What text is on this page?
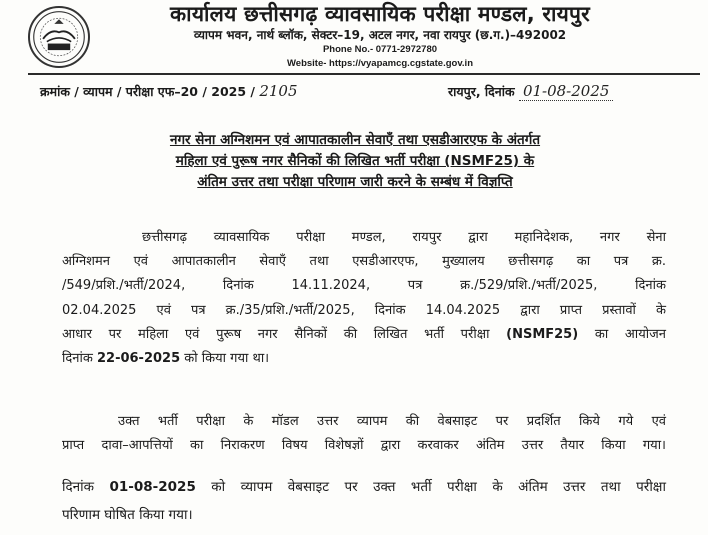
कार्यालय छत्तीसगढ़ व्यावसायिक परीक्षा मण्डल, रायपुर
व्यापम भवन, नार्थ ब्लॉक, सेक्टर–19, अटल नगर, नवा रायपुर (छ.ग.)–492002
Phone No.- 0771-2972780
Website- https://vyapamcg.cgstate.gov.in
क्रमांक / व्यापम / परीक्षा एफ–20 / 2025 / 2105	रायपुर, दिनांक 01-08-2025
नगर सेना अग्निशमन एवं आपातकालीन सेवाएँ तथा एसडीआरएफ के अंतर्गत
महिला एवं पुरूष नगर सैनिकों की लिखित भर्ती परीक्षा (NSMF25) के
अंतिम उत्तर तथा परीक्षा परिणाम जारी करने के सम्बंध में विज्ञप्ति
छत्तीसगढ़ व्यावसायिक परीक्षा मण्डल, रायपुर द्वारा महानिदेशक, नगर सेना
अग्निशमन एवं आपातकालीन सेवाएँ तथा एसडीआरएफ, मुख्यालय छत्तीसगढ़ का पत्र क्र.
/549/प्रशि./भर्ती/2024, दिनांक 14.11.2024, पत्र क्र./529/प्रशि./भर्ती/2025, दिनांक
02.04.2025 एवं पत्र क्र./35/प्रशि./भर्ती/2025, दिनांक 14.04.2025 द्वारा प्राप्त प्रस्तावों के
आधार पर महिला एवं पुरूष नगर सैनिकों की लिखित भर्ती परीक्षा (NSMF25) का आयोजन
दिनांक 22-06-2025 को किया गया था।
उक्त भर्ती परीक्षा के मॉडल उत्तर व्यापम की वेबसाइट पर प्रदर्शित किये गये एवं
प्राप्त दावा–आपत्तियों का निराकरण विषय विशेषज्ञों द्वारा करवाकर अंतिम उत्तर तैयार किया गया।
दिनांक 01-08-2025 को व्यापम वेबसाइट पर उक्त भर्ती परीक्षा के अंतिम उत्तर तथा परीक्षा
परिणाम घोषित किया गया।
